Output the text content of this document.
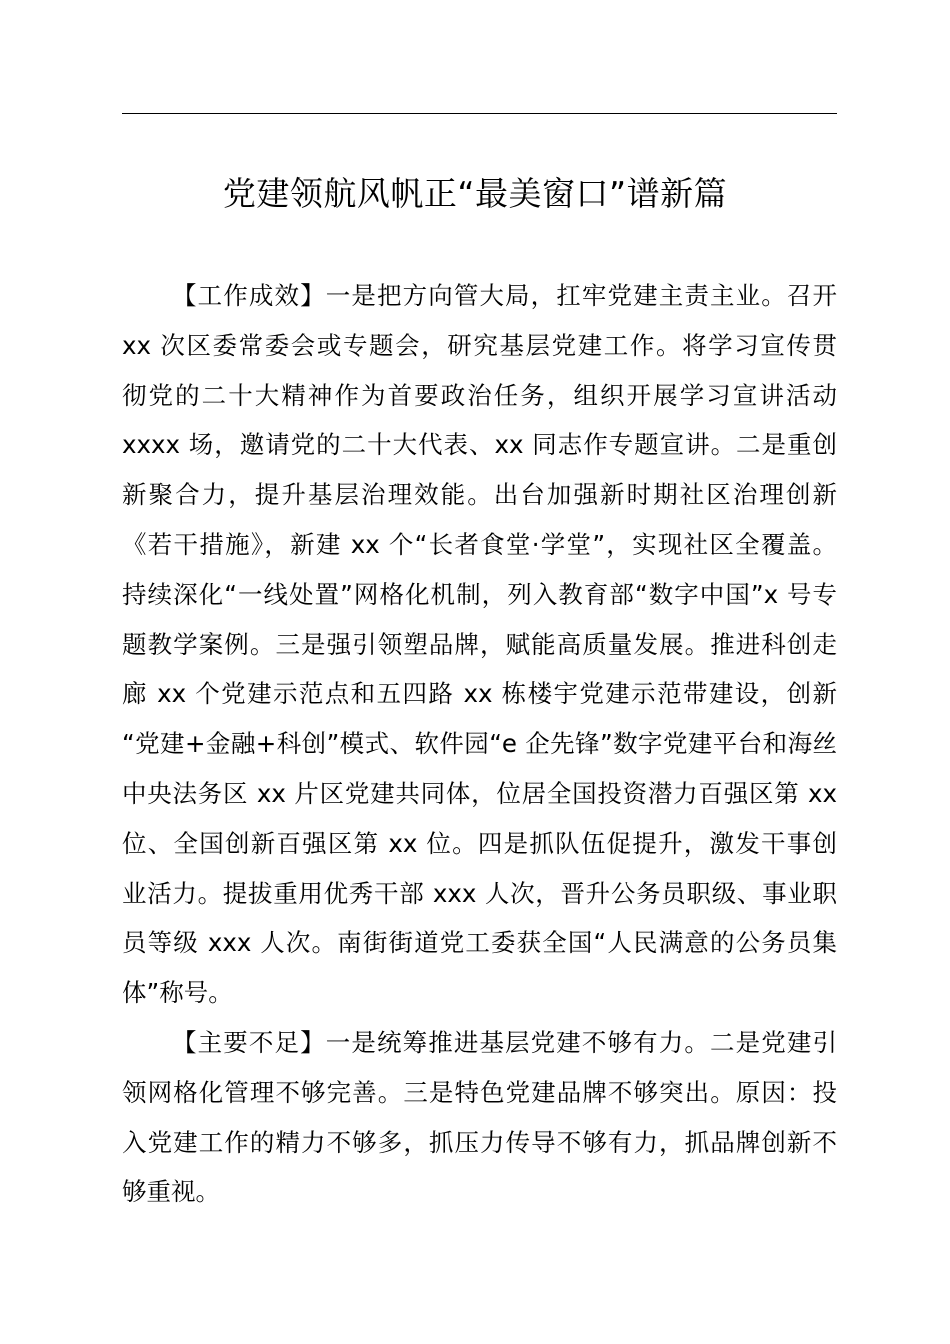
党建领航风帆正“最美窗口”谱新篇
【工作成效】一是把方向管大局，扛牢党建主责主业。召开
xx 次区委常委会或专题会，研究基层党建工作。将学习宣传贯
彻党的二十大精神作为首要政治任务，组织开展学习宣讲活动
xxxx 场，邀请党的二十大代表、xx 同志作专题宣讲。二是重创
新聚合力，提升基层治理效能。出台加强新时期社区治理创新
《若干措施》，新建 xx 个“长者食堂·学堂”，实现社区全覆盖。
持续深化“一线处置”网格化机制，列入教育部“数字中国”x 号专
题教学案例。三是强引领塑品牌，赋能高质量发展。推进科创走
廊 xx 个党建示范点和五四路 xx 栋楼宇党建示范带建设，创新
“党建+金融+科创”模式、软件园“e 企先锋”数字党建平台和海丝
中央法务区 xx 片区党建共同体，位居全国投资潜力百强区第 xx
位、全国创新百强区第 xx 位。四是抓队伍促提升，激发干事创
业活力。提拔重用优秀干部 xxx 人次，晋升公务员职级、事业职
员等级 xxx 人次。南街街道党工委获全国“人民满意的公务员集
体”称号。
【主要不足】一是统筹推进基层党建不够有力。二是党建引
领网格化管理不够完善。三是特色党建品牌不够突出。原因：投
入党建工作的精力不够多，抓压力传导不够有力，抓品牌创新不
够重视。
